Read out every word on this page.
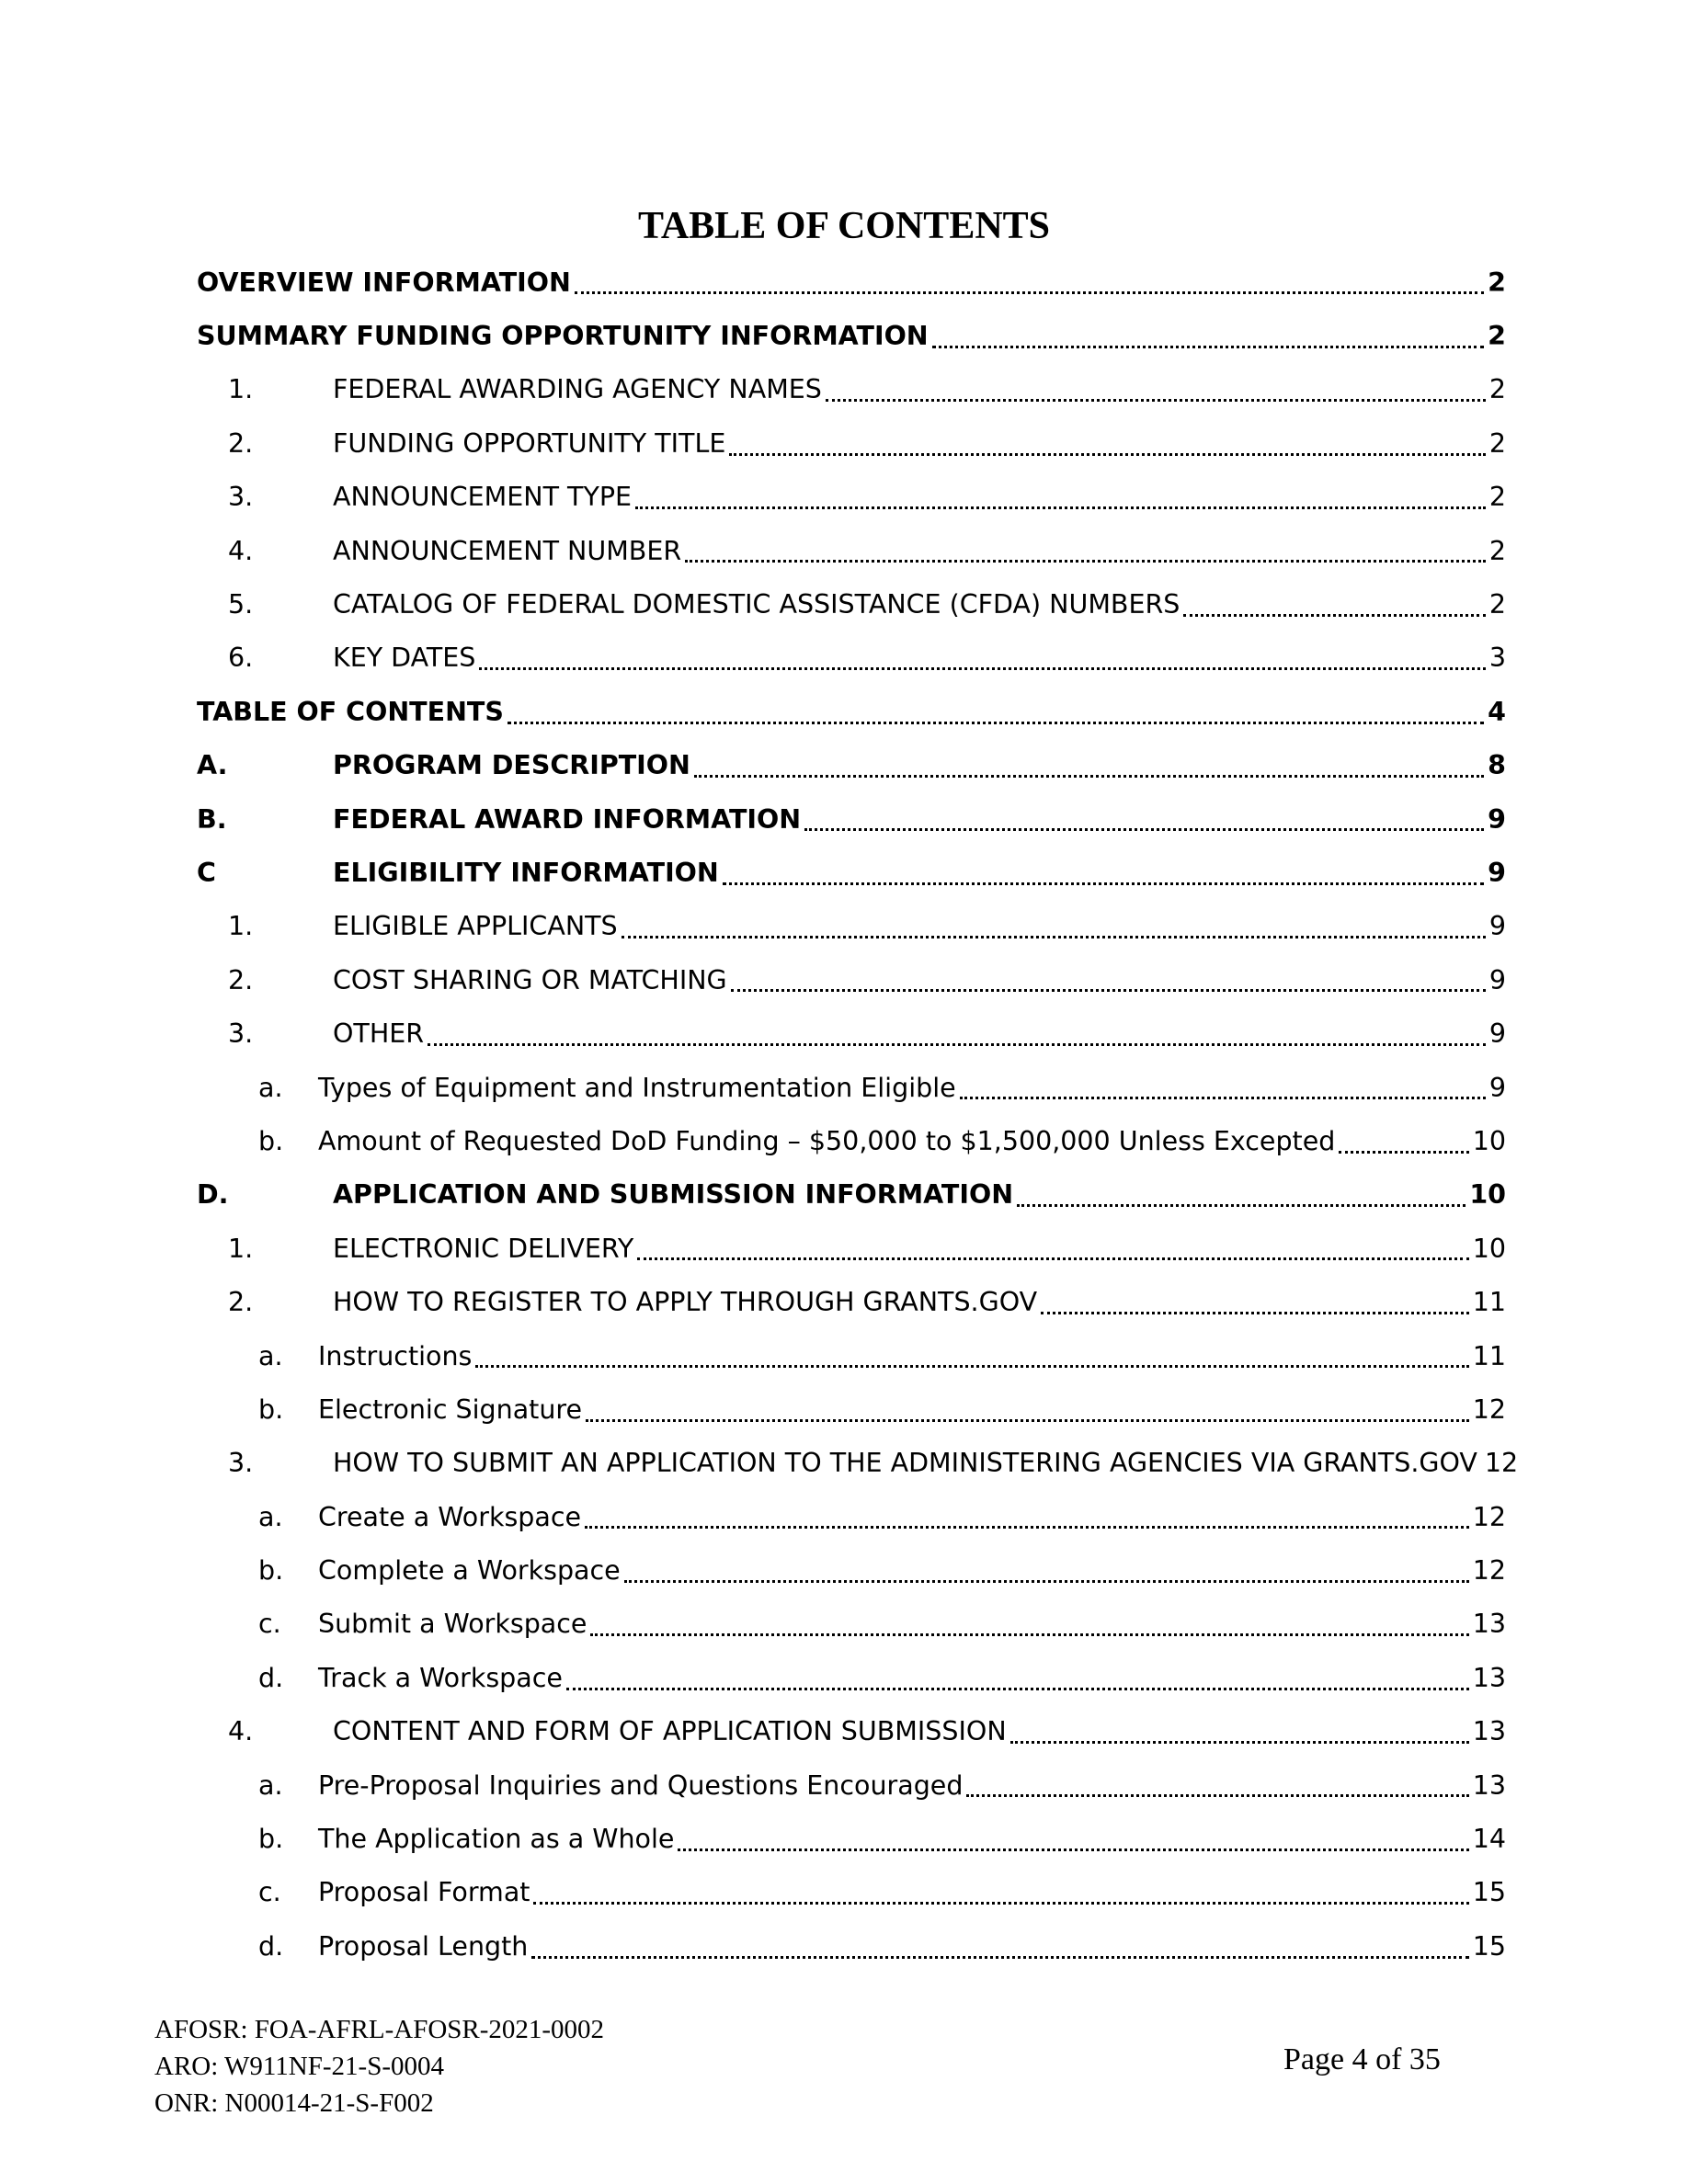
TABLE OF CONTENTS
OVERVIEW INFORMATION	2
SUMMARY FUNDING OPPORTUNITY INFORMATION	2
1.	FEDERAL AWARDING AGENCY NAMES	2
2.	FUNDING OPPORTUNITY TITLE	2
3.	ANNOUNCEMENT TYPE	2
4.	ANNOUNCEMENT NUMBER	2
5.	CATALOG OF FEDERAL DOMESTIC ASSISTANCE (CFDA) NUMBERS	2
6.	KEY DATES	3
TABLE OF CONTENTS	4
A.	PROGRAM DESCRIPTION	8
B.	FEDERAL AWARD INFORMATION	9
C	ELIGIBILITY INFORMATION	9
1.	ELIGIBLE APPLICANTS	9
2.	COST SHARING OR MATCHING	9
3.	OTHER	9
a. Types of Equipment and Instrumentation Eligible	9
b. Amount of Requested DoD Funding – $50,000 to $1,500,000 Unless Excepted	10
D.	APPLICATION AND SUBMISSION INFORMATION	10
1.	ELECTRONIC DELIVERY	10
2.	HOW TO REGISTER TO APPLY THROUGH GRANTS.GOV	11
a. Instructions	11
b. Electronic Signature	12
3.	HOW TO SUBMIT AN APPLICATION TO THE ADMINISTERING AGENCIES VIA GRANTS.GOV 12
a. Create a Workspace	12
b. Complete a Workspace	12
c. Submit a Workspace	13
d. Track a Workspace	13
4.	CONTENT AND FORM OF APPLICATION SUBMISSION	13
a. Pre-Proposal Inquiries and Questions Encouraged	13
b. The Application as a Whole	14
c. Proposal Format	15
d. Proposal Length	15
AFOSR: FOA-AFRL-AFOSR-2021-0002
ARO: W911NF-21-S-0004
ONR: N00014-21-S-F002
Page 4 of 35
